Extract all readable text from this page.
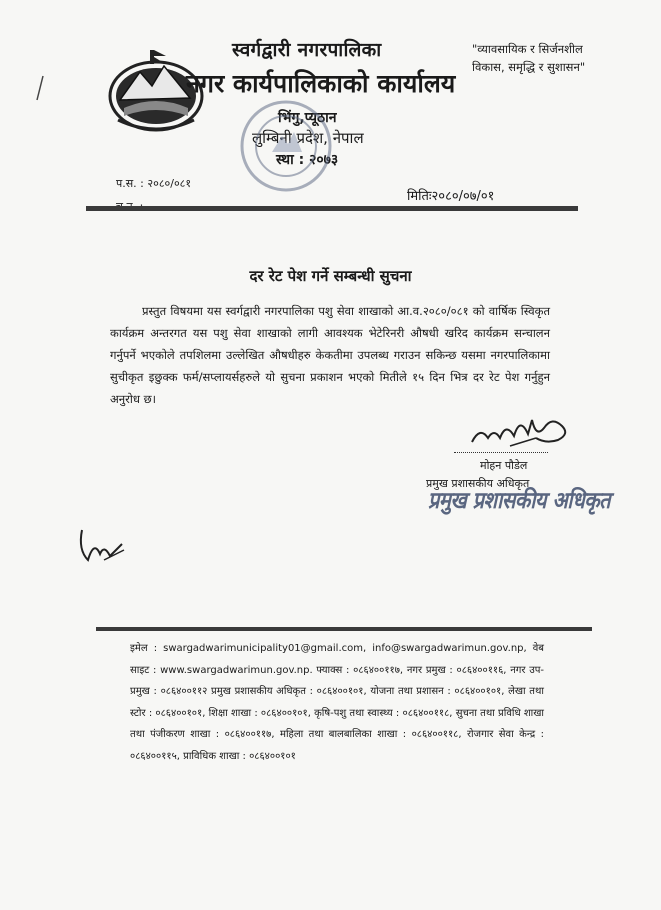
स्वर्गद्वारी नगरपालिका
नगर कार्यपालिकाको कार्यालय
भिंगु,प्यूठान
लुम्बिनी प्रदेश, नेपाल
स्था : २०७३
"व्यावसायिक र सिर्जनशील
विकास, समृद्धि र सुशासन"
प.स. : २०८०/०८१
मितिः२०८०/०७/०१
दर रेट पेश गर्ने सम्बन्धी सुचना
प्रस्तुत विषयमा यस स्वर्गद्वारी नगरपालिका पशु सेवा शाखाको आ.व.२०८०/०८१ को वार्षिक स्विकृत कार्यक्रम अन्तरगत यस पशु सेवा शाखाको लागी आवश्यक भेटेरिनरी औषधी खरिद कार्यक्रम सन्चालन गर्नुपर्ने भएकोले तपशिलमा उल्लेखित औषधीहरु केकतीमा उपलब्ध गराउन सकिन्छ यसमा नगरपालिकामा सुचीकृत इछुक्क फर्म/सप्लायर्सहरुले यो सुचना प्रकाशन भएको मितीले १५ दिन भित्र दर रेट पेश गर्नुहुन अनुरोध छ।
मोहन पौडेल
प्रमुख प्रशासकीय अधिकृत
प्रमुख प्रशासकीय अधिकृत
इमेल : swargadwarimunicipality01@gmail.com, info@swargadwarimun.gov.np, वेब साइट : www.swargadwarimun.gov.np. फ्याक्स : ०८६४००११७, नगर प्रमुख : ०८६४००११६, नगर उप-प्रमुख : ०८६४००११२ प्रमुख प्रशासकीय अधिकृत : ०८६४००१०१, योजना तथा प्रशासन : ०८६४००१०१, लेखा तथा स्टोर : ०८६४००१०१, शिक्षा शाखा : ०८६४००१०१, कृषि-पशु तथा स्वास्थ्य : ०८६४००११८, सुचना तथा प्रविधि शाखा तथा पंजीकरण शाखा : ०८६४००११७, महिला तथा बालबालिका शाखा : ०८६४००११८, रोजगार सेवा केन्द्र : ०८६४००११५, प्राविधिक शाखा : ०८६४००१०१
